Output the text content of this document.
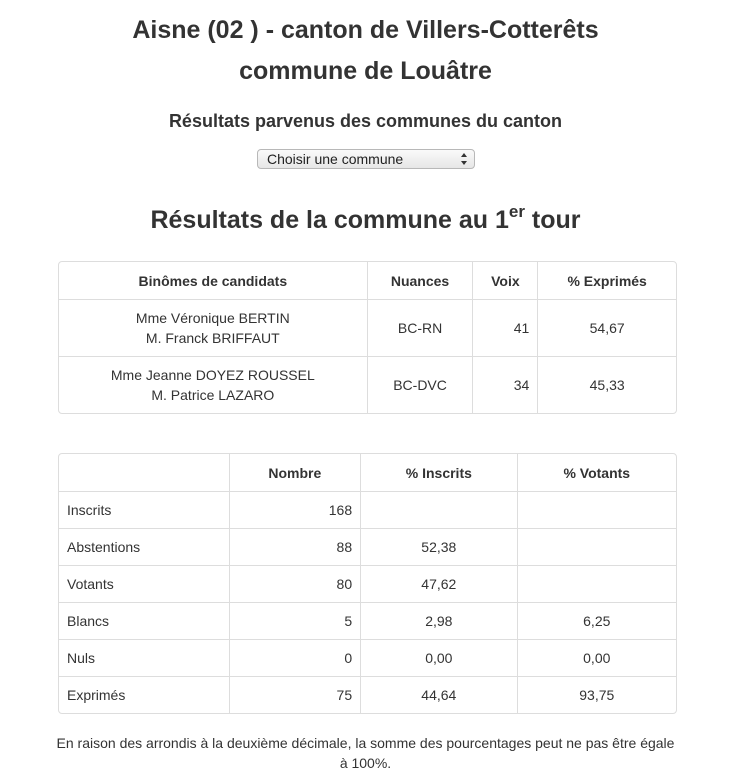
Aisne (02 ) - canton de Villers-Cotterêts
commune de Louâtre
Résultats parvenus des communes du canton
Choisir une commune
Résultats de la commune au 1er tour
Binômes de candidats	Nuances	Voix	% Exprimés

Mme Véronique BERTIN
M. Franck BRIFFAUT	BC-RN	41	54,67

Mme Jeanne DOYEZ ROUSSEL
M. Patrice LAZARO	BC-DVC	34	45,33
	Nombre	% Inscrits	% Votants
Inscrits	168		
Abstentions	88	52,38	
Votants	80	47,62	
Blancs	5	2,98	6,25
Nuls	0	0,00	0,00
Exprimés	75	44,64	93,75

En raison des arrondis à la deuxième décimale, la somme des pourcentages peut ne pas être égale à 100%.
